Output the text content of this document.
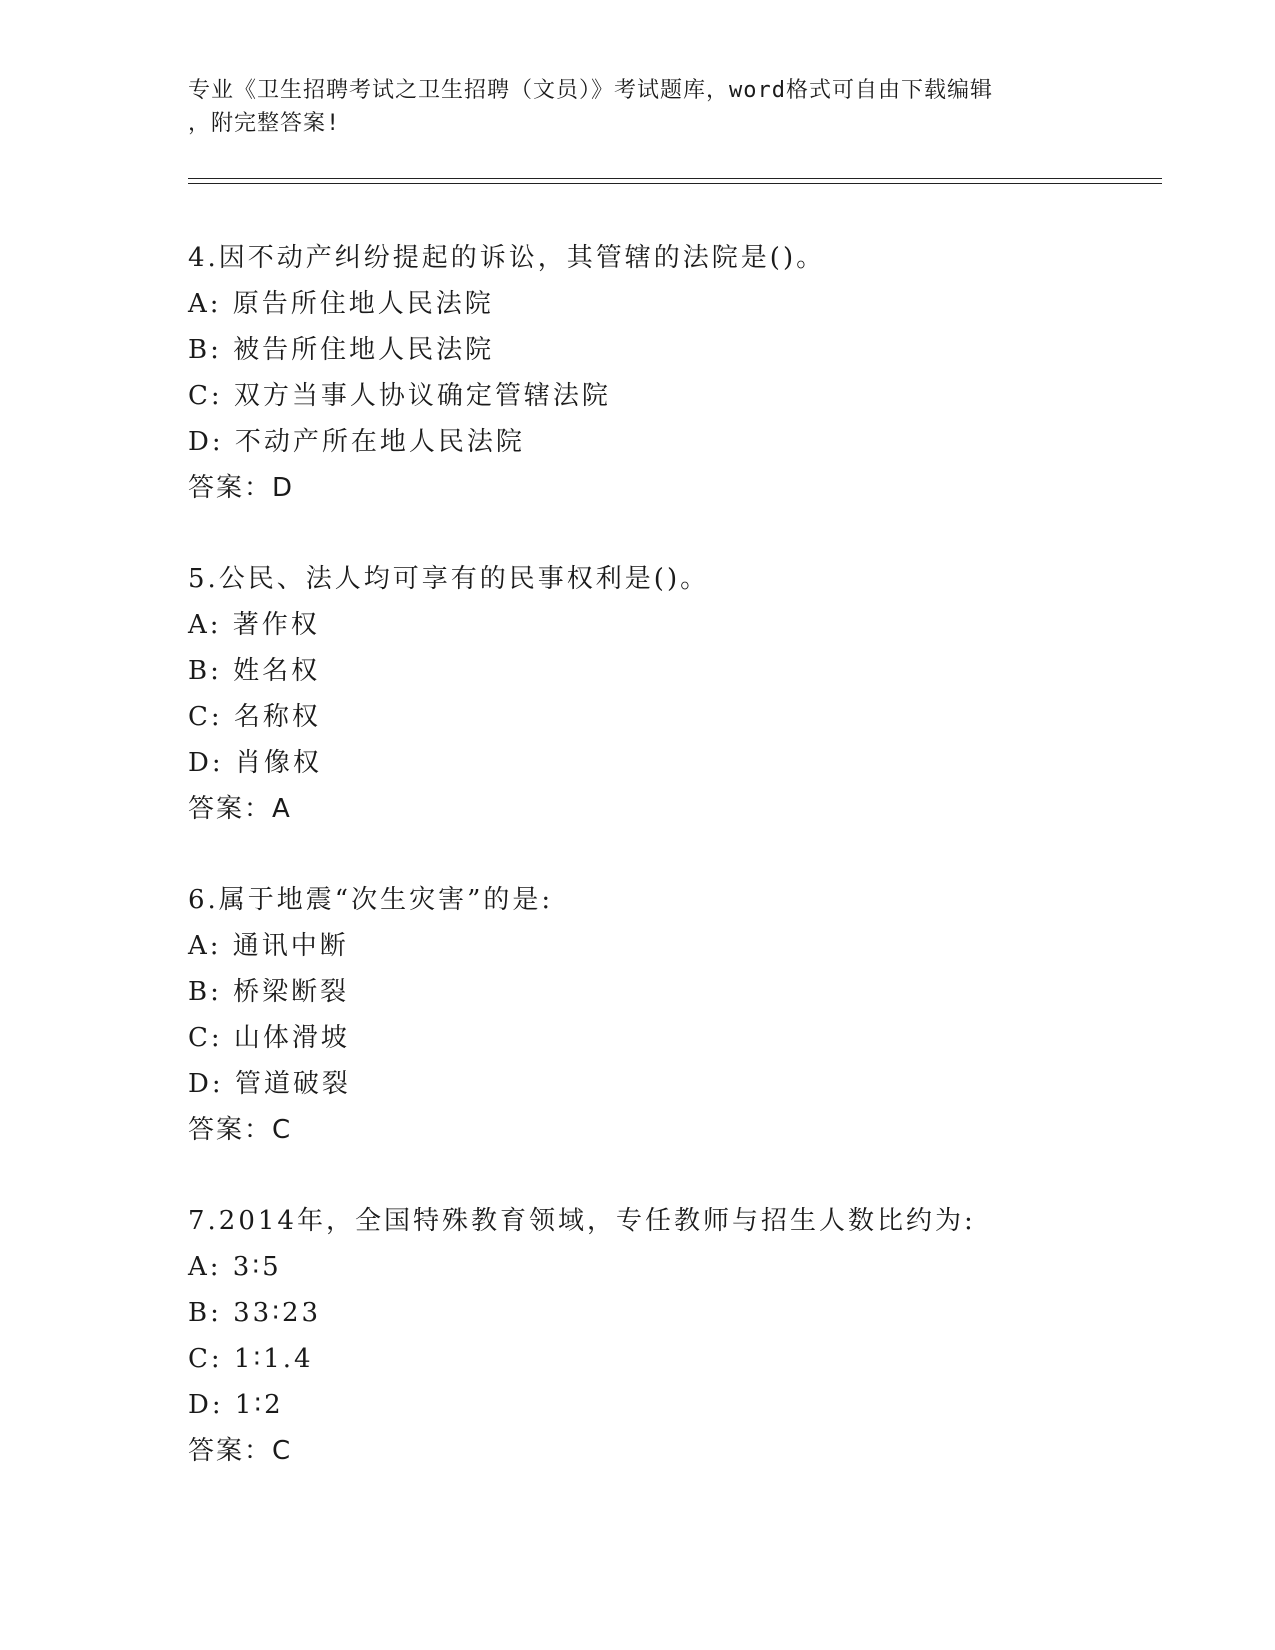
专业《卫生招聘考试之卫生招聘（文员）》考试题库，word格式可自由下载编辑
，附完整答案!
4.因不动产纠纷提起的诉讼，其管辖的法院是()。
A: 原告所住地人民法院
B: 被告所住地人民法院
C: 双方当事人协议确定管辖法院
D: 不动产所在地人民法院
答案：D
5.公民、法人均可享有的民事权利是()。
A: 著作权
B: 姓名权
C: 名称权
D: 肖像权
答案：A
6.属于地震“次生灾害”的是:
A: 通讯中断
B: 桥梁断裂
C: 山体滑坡
D: 管道破裂
答案：C
7.2014年，全国特殊教育领域，专任教师与招生人数比约为:
A: 3∶5
B: 33∶23
C: 1∶1.4
D: 1∶2
答案：C
